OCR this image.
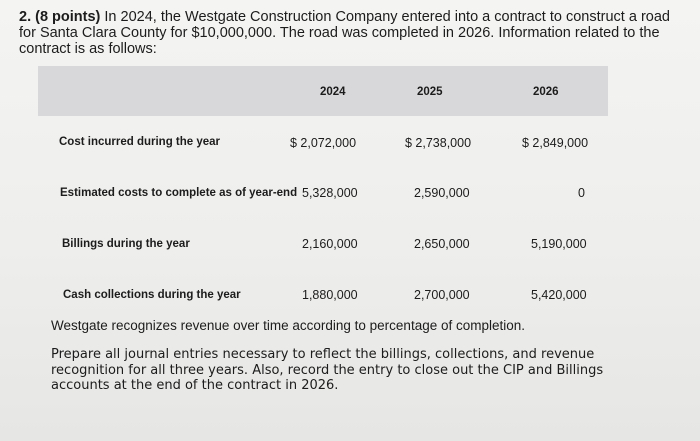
2. (8 points) In 2024, the Westgate Construction Company entered into a contract to construct a road for Santa Clara County for $10,000,000. The road was completed in 2026. Information related to the contract is as follows:

2024	2025	2026
Cost incurred during the year	$ 2,072,000	$ 2,738,000	$ 2,849,000
Estimated costs to complete as of year-end 5,328,000	2,590,000	0
Billings during the year	2,160,000	2,650,000	5,190,000
Cash collections during the year	1,880,000	2,700,000	5,420,000

Westgate recognizes revenue over time according to percentage of completion.

Prepare all journal entries necessary to reflect the billings, collections, and revenue recognition for all three years. Also, record the entry to close out the CIP and Billings accounts at the end of the contract in 2026.
